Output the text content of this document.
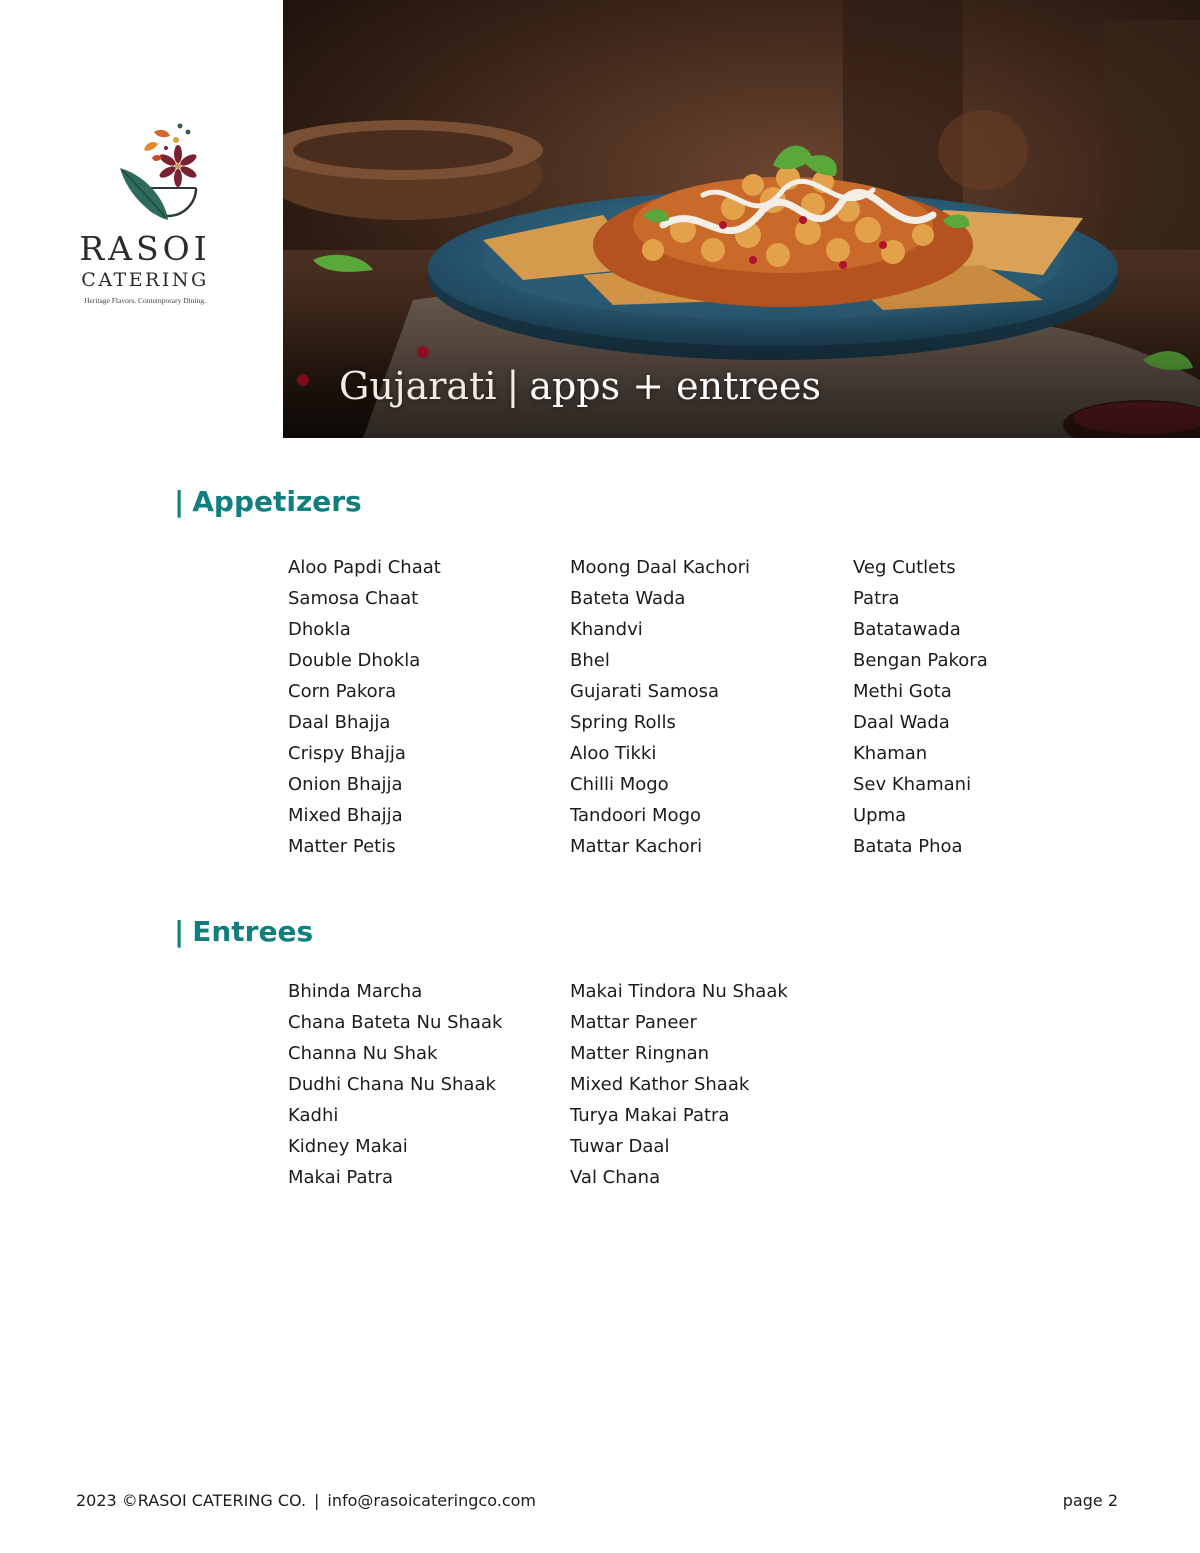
RASOI
CATERING
Heritage Flavors. Contemporary Dining.
Gujarati | apps + entrees
| Appetizers
Aloo Papdi Chaat
Samosa Chaat
Dhokla
Double Dhokla
Corn Pakora
Daal Bhajja
Crispy Bhajja
Onion Bhajja
Mixed Bhajja
Matter Petis
Moong Daal Kachori
Bateta Wada
Khandvi
Bhel
Gujarati Samosa
Spring Rolls
Aloo Tikki
Chilli Mogo
Tandoori Mogo
Mattar Kachori
Veg Cutlets
Patra
Batatawada
Bengan Pakora
Methi Gota
Daal Wada
Khaman
Sev Khamani
Upma
Batata Phoa
| Entrees
Bhinda Marcha
Chana Bateta Nu Shaak
Channa Nu Shak
Dudhi Chana Nu Shaak
Kadhi
Kidney Makai
Makai Patra
Makai Tindora Nu Shaak
Mattar Paneer
Matter Ringnan
Mixed Kathor Shaak
Turya Makai Patra
Tuwar Daal
Val Chana
2023 ©RASOI CATERING CO. | info@rasoicateringco.com	page 2
